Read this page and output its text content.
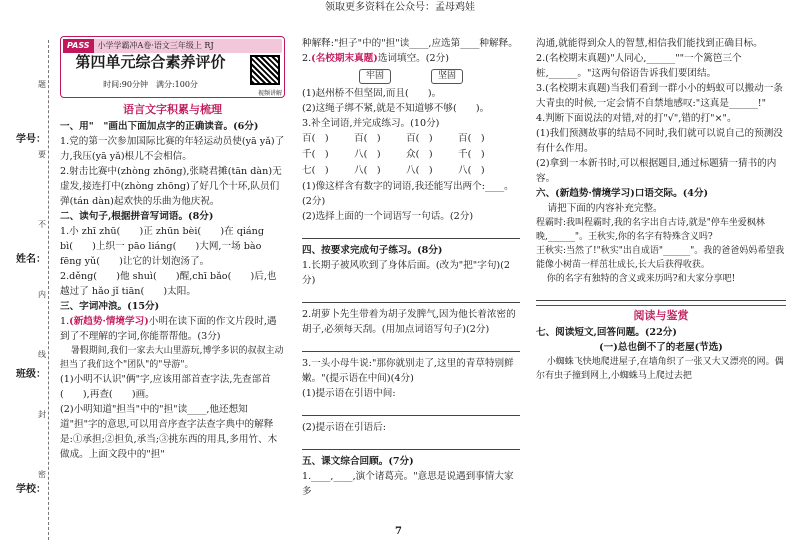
领取更多资料在公众号：孟母鸡娃
学号：
姓名：
班级：
学校：
题
要
不
内
线
封
密
PASS 小学学霸冲A卷·语文三年级上 RJ
第四单元综合素养评价
时间:90分钟　满分:100分
视频讲解
语言文字积累与梳理

一、用"　"画出下面加点字的正确读音。(6分)

1.党的第一次参加国际比赛的年轻运动员使(yā yǎ)了力,我压(yā yǎ)根儿不会相信。

2.射击比赛中(zhòng zhōng),张晓君摊(tān dàn)无虚发,接连打中(zhòng zhōng)了好几个十环,队员们弹(tán dàn)起欢快的乐曲为他庆祝。

二、读句子,根据拼音写词语。(8分)

1.小 zhī zhū(　　)正 zhūn bèi(　　)在 qiáng bì(　　)上织一 pāo liáng(　　)大网,一场 bào fēng yǔ(　　)让它的计划泡汤了。

2.děng(　　)他 shuì(　　)醒,chī bǎo(　　)后,也越过了 hǎo jǐ tiān(　　)太阳。

三、字词冲浪。(15分)

1.(新趋势·情境学习)小明在读下面的作文片段时,遇到了不理解的字词,你能帮帮他。(3分)

暑假期间,我们一家去大山里游玩,博学多识的叔叔主动担当了我们这个"团队"的"导游"。

(1)小明不认识"俩"字,应该用部首查字法,先查部首(　　),再查(　　)画。

(2)小明知道"担当"中的"担"读____,他还想知道"担"字的意思,可以用音序查字法查字典中的解释是:①承担;②担负,承当;③挑东西的用具,多用竹、木做成。上面文段中的"担"

种解释:"担子"中的"担"读____,应选第____种解释。

2.(名校期末真题)选词填空。(2分)

牢固	坚固

(1)赵州桥不但坚固,而且(　　)。

(2)这绳子绑不紧,就是不知道够不够(　　)。

3.补全词语,并完成练习。(10分)

百(　)	百(　)	百(　)	百(　)
千(　)	八(　)	众(　)	千(　)
七(　)	八(　)	八(　)	八(　)

(1)像这样含有数字的词语,我还能写出两个:____。(2分)

(2)选择上面的一个词语写一句话。(2分)

四、按要求完成句子练习。(8分)

1.长期子被风吹到了身体后面。(改为"把"字句)(2分)

2.胡萝卜先生带着为胡子发脾气,因为他长着浓密的胡子,必须每天刮。(用加点词语写句子)(2分)

3.一头小母牛说:"那你就别走了,这里的青草特别鲜嫩。"(提示语在中间)(4分)

(1)提示语在引语中间:

(2)提示语在引语后:

五、课文综合回顾。(7分)

1.____,____,演个诸葛亮。"意思是说遇到事情大家多

沟通,就能得到众人的智慧,相信我们能找到正确目标。

2.(名校期末真题)"人同心,______""一个篱笆三个桩,______。"这两句俗语告诉我们要团结。

3.(名校期末真题)当我们看到一群小小的蚂蚁可以搬动一条大青虫的时候,一定会情不自禁地感叹:"这真是______!"

4.判断下面说法的对错,对的打"√",错的打"×"。

(1)我们预测故事的结局不同时,我们就可以说自己的预测没有什么作用。

(2)拿到一本新书时,可以根据题目,通过标题猜一猜书的内容。

六、(新趋势·情境学习)口语交际。(4分)

请把下面的内容补充完整。

程霸时:我叫程霸时,我的名字出自古诗,就是"停车坐爱枫林晚,______"。王秋实,你的名字有特殊含义吗?

王秋实:当然了!"秋实"出自成语"______"。我的爸爸妈妈希望我能像小树苗一样茁壮成长,长大后获得收获。

你的名字有独特的含义或来历吗?和大家分享吧!

阅读与鉴赏

七、阅读短文,回答问题。(22分)

(一)总也倒不了的老屋(节选)

小蜘蛛飞快地爬进屋子,在墙角织了一张又大又漂亮的网。偶尔有虫子撞到网上,小蜘蛛马上爬过去把

7
